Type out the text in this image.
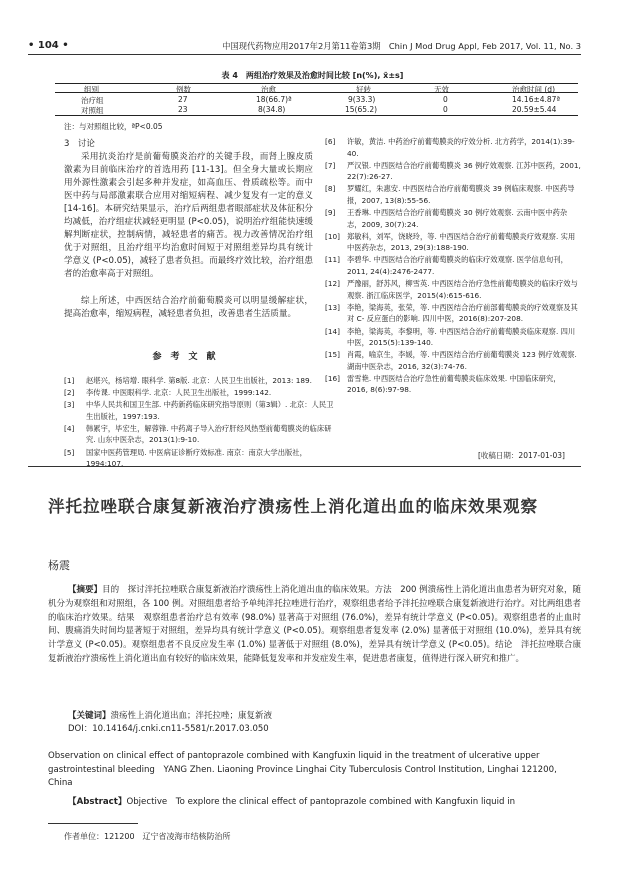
• 104 •	中国现代药物应用2017年2月第11卷第3期　Chin J Mod Drug Appl, Feb 2017, Vol. 11, No. 3
表 4　两组治疗效果及治愈时间比较 [n(%), x̄±s]
组别	例数	治愈	好转	无效	治愈时间 (d)
治疗组	27	18(66.7)ª	9(33.3)	0	14.16±4.87ª
对照组	23	8(34.8)	15(65.2)	0	20.59±5.44
注：与对照组比较，ªP<0.05
3　讨论

采用抗炎治疗是前葡萄膜炎治疗的关键手段，而肾上腺皮质激素为目前临床治疗的首选用药 [11-13]。但全身大量或长期应用外源性激素会引起多种并发症，如高血压、骨质疏松等。而中医中药与局部激素联合应用对缩短病程、减少复发有一定的意义 [14-16]。本研究结果显示，治疗后两组患者眼部症状及体征积分均减低，治疗组症状减轻更明显 (P<0.05)，说明治疗组能快速缓解判断症状，控制病情，减轻患者的痛苦。视力改善情况治疗组优于对照组，且治疗组平均治愈时间短于对照组差异均具有统计学意义 (P<0.05)，减轻了患者负担。而最终疗效比较，治疗组患者的治愈率高于对照组。

综上所述，中西医结合治疗前葡萄膜炎可以明显缓解症状，提高治愈率，缩短病程，减轻患者负担，改善患者生活质量。

参考文献
[1]	赵堪兴，杨培增. 眼科学. 第8版. 北京：人民卫生出版社，2013: 189.
[2]	李传课. 中医眼科学. 北京：人民卫生出版社，1999:142.
[3]	中华人民共和国卫生部. 中药新药临床研究指导原则（第3辑）. 北京：人民卫生出版社，1997:193.
[4]	韩累宇，毕宏生，解蓉锋. 中药离子导入治疗肝经风热型前葡萄膜炎的临床研究. 山东中医杂志，2013(1):9-10.
[5]	国家中医药管理局. 中医病证诊断疗效标准. 南京：南京大学出版社，1994:107.
[6]	许敏，黄洁. 中药治疗前葡萄膜炎的疗效分析. 北方药学，2014(1):39-40.
[7]	严汉银. 中西医结合治疗前葡萄膜炎 36 例疗效观察. 江苏中医药，2001, 22(7):26-27.
[8]	罗耀红，朱惠安. 中西医结合治疗前葡萄膜炎 39 例临床观察. 中医药导报，2007, 13(8):55-56.
[9]	王香琳. 中西医结合治疗前葡萄膜炎 30 例疗效观察. 云南中医中药杂志，2009, 30(7):24.
[10] 郑敏科，刘军，饶晓玲，等. 中西医结合治疗前葡萄膜炎疗效观察. 实用中医药杂志，2013, 29(3):188-190.
[11] 李碧华. 中西医结合治疗前葡萄膜炎的临床疗效观察. 医学信息旬刊，2011, 24(4):2476-2477.
[12] 严豫丽，舒苏风，柳雪英. 中西医结合治疗急性前葡萄膜炎的临床疗效与观察. 浙江临床医学，2015(4):615-616.
[13] 李艳，梁海英，张荣，等. 中西医结合治疗前部葡萄膜炎的疗效观察及其对 C- 反应蛋白的影响. 四川中医，2016(8):207-208.
[14] 李艳，梁海英，李黎明，等. 中西医结合治疗前葡萄膜炎临床观察. 四川中医，2015(5):139-140.
[15] 肖霞，喻京生，李媛，等. 中西医结合治疗前葡萄膜炎 123 例疗效观察. 湖南中医杂志，2016, 32(3):74-76.
[16] 雷雪艳. 中西医结合治疗急性前葡萄膜炎临床效果. 中国临床研究，2016, 8(6):97-98.
[收稿日期：2017-01-03]
泮托拉唑联合康复新液治疗溃疡性上消化道出血的临床效果观察
杨震

【摘要】目的　探讨泮托拉唑联合康复新液治疗溃疡性上消化道出血的临床效果。方法　200 例溃疡性上消化道出血患者为研究对象，随机分为观察组和对照组，各 100 例。对照组患者给予单纯泮托拉唑进行治疗，观察组患者给予泮托拉唑联合康复新液进行治疗。对比两组患者的临床治疗效果。结果　观察组患者治疗总有效率 (98.0%) 显著高于对照组 (76.0%)，差异有统计学意义 (P<0.05)。观察组患者的止血时间、腹痛消失时间均显著短于对照组，差异均具有统计学意义 (P<0.05)。观察组患者复发率 (2.0%) 显著低于对照组 (10.0%)，差异具有统计学意义 (P<0.05)。观察组患者不良反应发生率 (1.0%) 显著低于对照组 (8.0%)，差异具有统计学意义 (P<0.05)。结论　泮托拉唑联合康复新液治疗溃疡性上消化道出血有较好的临床效果，能降低复发率和并发症发生率，促进患者康复，值得进行深入研究和推广。

【关键词】溃疡性上消化道出血；泮托拉唑；康复新液
DOI：10.14164/j.cnki.cn11-5581/r.2017.03.050

Observation on clinical effect of pantoprazole combined with Kangfuxin liquid in the treatment of ulcerative upper gastrointestinal bleeding　YANG Zhen. Liaoning Province Linghai City Tuberculosis Control Institution, Linghai 121200, China

【Abstract】Objective　To explore the clinical effect of pantoprazole combined with Kangfuxin liquid in

作者单位：121200　辽宁省凌海市结核防治所
